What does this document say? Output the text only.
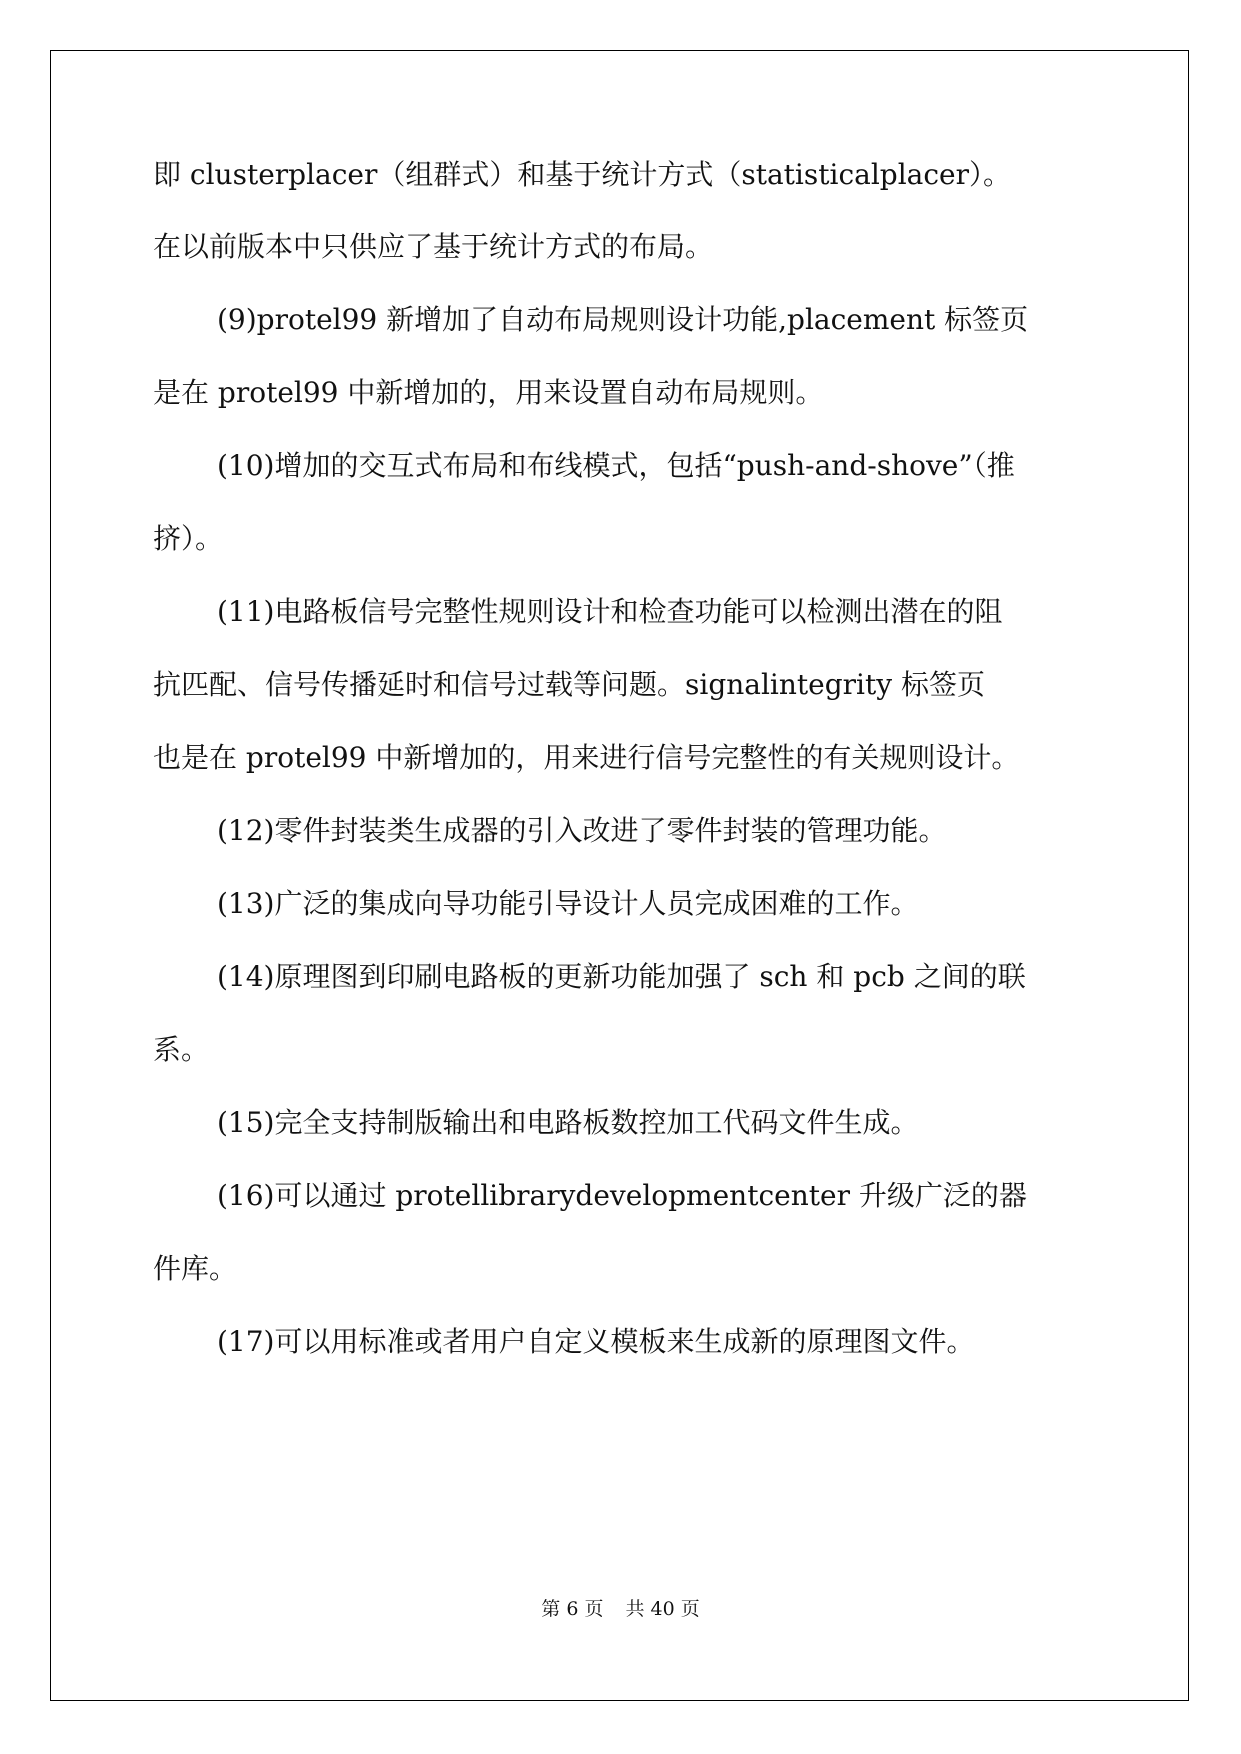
即 clusterplacer（组群式）和基于统计方式（statisticalplacer）。
在以前版本中只供应了基于统计方式的布局。
(9)protel99 新增加了自动布局规则设计功能,placement 标签页
是在 protel99 中新增加的，用来设置自动布局规则。
(10)增加的交互式布局和布线模式，包括“push-and-shove”（推
挤）。
(11)电路板信号完整性规则设计和检查功能可以检测出潜在的阻
抗匹配、信号传播延时和信号过载等问题。signalintegrity 标签页
也是在 protel99 中新增加的，用来进行信号完整性的有关规则设计。
(12)零件封装类生成器的引入改进了零件封装的管理功能。
(13)广泛的集成向导功能引导设计人员完成困难的工作。
(14)原理图到印刷电路板的更新功能加强了 sch 和 pcb 之间的联
系。
(15)完全支持制版输出和电路板数控加工代码文件生成。
(16)可以通过 protellibrarydevelopmentcenter 升级广泛的器
件库。
(17)可以用标准或者用户自定义模板来生成新的原理图文件。
第 6 页 共 40 页
